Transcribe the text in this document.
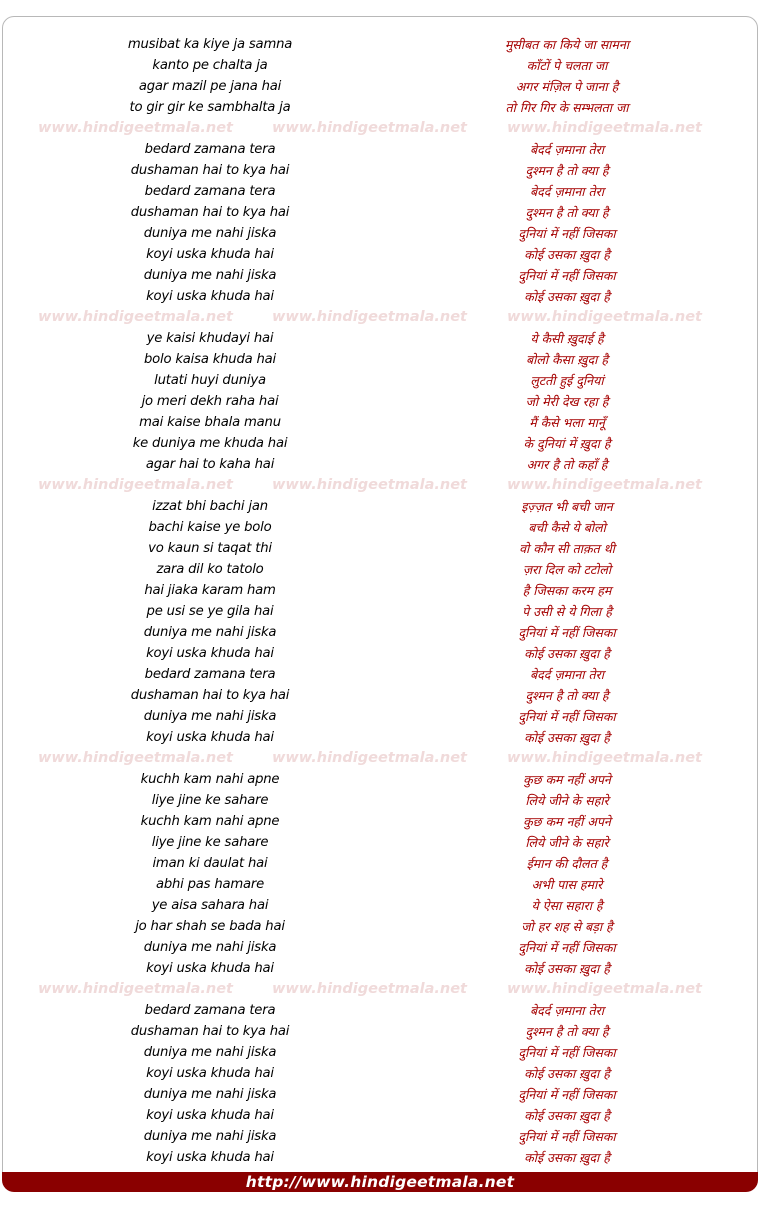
musibat ka kiye ja samna	मुसीबत का किये जा सामना
kanto pe chalta ja	काँटों पे चलता जा
agar mazil pe jana hai	अगर मंज़िल पे जाना है
to gir gir ke sambhalta ja	तो गिर गिर के सम्भलता जा
www.hindigeetmala.net	www.hindigeetmala.net	www.hindigeetmala.net
bedard zamana tera	बेदर्द ज़माना तेरा
dushaman hai to kya hai	दुश्मन है तो क्या है
bedard zamana tera	बेदर्द ज़माना तेरा
dushaman hai to kya hai	दुश्मन है तो क्या है
duniya me nahi jiska	दुनियां में नहीं जिसका
koyi uska khuda hai	कोई उसका ख़ुदा है
duniya me nahi jiska	दुनियां में नहीं जिसका
koyi uska khuda hai	कोई उसका ख़ुदा है
www.hindigeetmala.net	www.hindigeetmala.net	www.hindigeetmala.net
ye kaisi khudayi hai	ये कैसी ख़ुदाई है
bolo kaisa khuda hai	बोलो कैसा ख़ुदा है
lutati huyi duniya	लुटती हुई दुनियां
jo meri dekh raha hai	जो मेरी देख रहा है
mai kaise bhala manu	मैं कैसे भला मानूँ
ke duniya me khuda hai	के दुनियां में ख़ुदा है
agar hai to kaha hai	अगर है तो कहाँ है
www.hindigeetmala.net	www.hindigeetmala.net	www.hindigeetmala.net
izzat bhi bachi jan	इज़्ज़त भी बची जान
bachi kaise ye bolo	बची कैसे ये बोलो
vo kaun si taqat thi	वो कौन सी ताक़त थी
zara dil ko tatolo	ज़रा दिल को टटोलो
hai jiaka karam ham	है जिसका करम हम
pe usi se ye gila hai	पे उसी से ये गिला है
duniya me nahi jiska	दुनियां में नहीं जिसका
koyi uska khuda hai	कोई उसका ख़ुदा है
bedard zamana tera	बेदर्द ज़माना तेरा
dushaman hai to kya hai	दुश्मन है तो क्या है
duniya me nahi jiska	दुनियां में नहीं जिसका
koyi uska khuda hai	कोई उसका ख़ुदा है
www.hindigeetmala.net	www.hindigeetmala.net	www.hindigeetmala.net
kuchh kam nahi apne	कुछ कम नहीं अपने
liye jine ke sahare	लिये जीने के सहारे
kuchh kam nahi apne	कुछ कम नहीं अपने
liye jine ke sahare	लिये जीने के सहारे
iman ki daulat hai	ईमान की दौलत है
abhi pas hamare	अभी पास हमारे
ye aisa sahara hai	ये ऐसा सहारा है
jo har shah se bada hai	जो हर शह से बड़ा है
duniya me nahi jiska	दुनियां में नहीं जिसका
koyi uska khuda hai	कोई उसका ख़ुदा है
www.hindigeetmala.net	www.hindigeetmala.net	www.hindigeetmala.net
bedard zamana tera	बेदर्द ज़माना तेरा
dushaman hai to kya hai	दुश्मन है तो क्या है
duniya me nahi jiska	दुनियां में नहीं जिसका
koyi uska khuda hai	कोई उसका ख़ुदा है
duniya me nahi jiska	दुनियां में नहीं जिसका
koyi uska khuda hai	कोई उसका ख़ुदा है
duniya me nahi jiska	दुनियां में नहीं जिसका
koyi uska khuda hai	कोई उसका ख़ुदा है
http://www.hindigeetmala.net
